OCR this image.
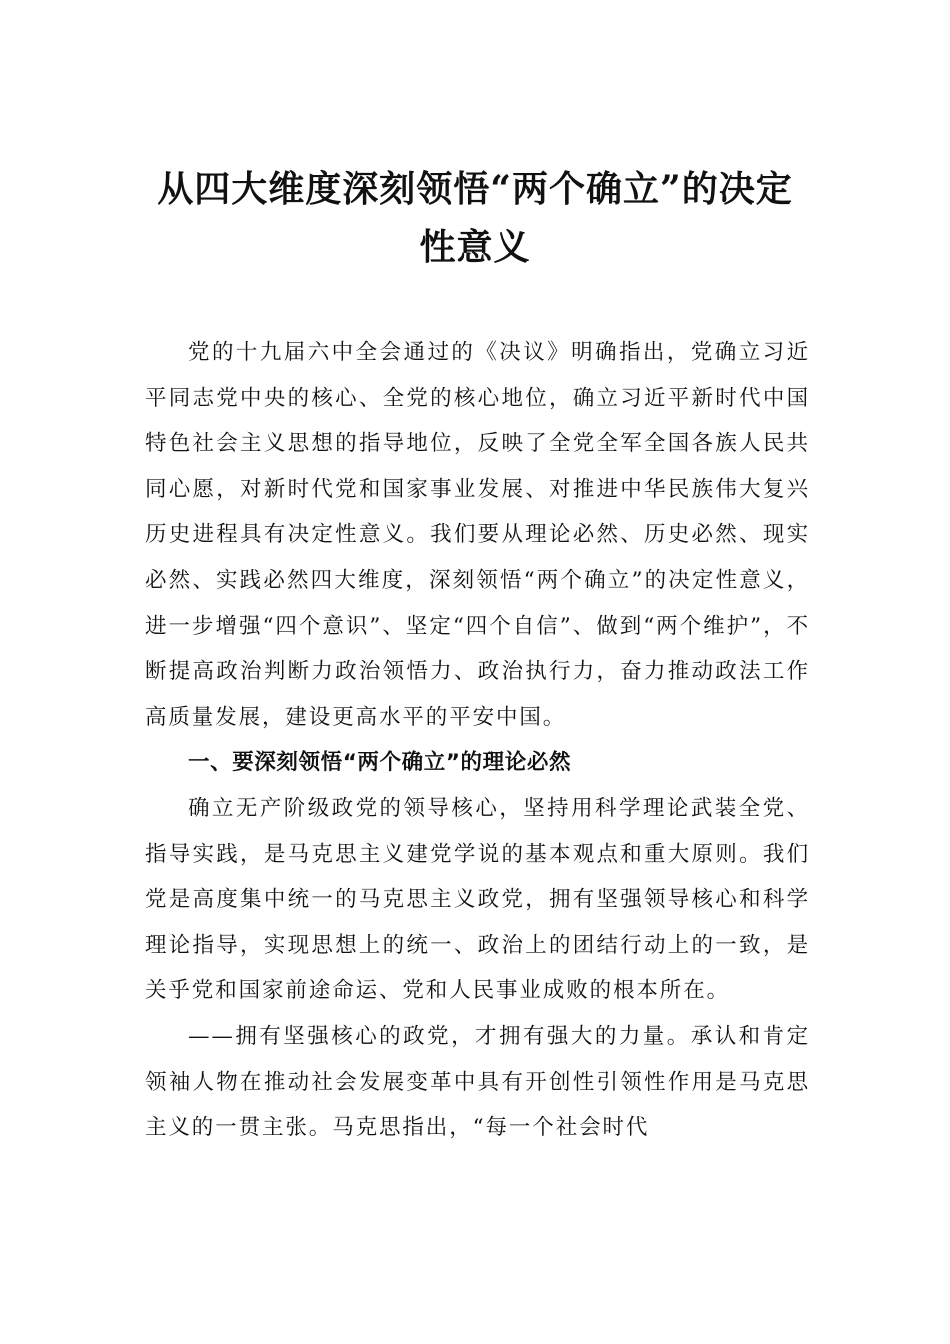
从四大维度深刻领悟“两个确立”的决定性意义

党的十九届六中全会通过的《决议》明确指出，党确立习近平同志党中央的核心、全党的核心地位，确立习近平新时代中国特色社会主义思想的指导地位，反映了全党全军全国各族人民共同心愿，对新时代党和国家事业发展、对推进中华民族伟大复兴历史进程具有决定性意义。我们要从理论必然、历史必然、现实必然、实践必然四大维度，深刻领悟“两个确立”的决定性意义，进一步增强“四个意识”、坚定“四个自信”、做到“两个维护”，不断提高政治判断力政治领悟力、政治执行力，奋力推动政法工作高质量发展，建设更高水平的平安中国。

一、要深刻领悟“两个确立”的理论必然

确立无产阶级政党的领导核心，坚持用科学理论武装全党、指导实践，是马克思主义建党学说的基本观点和重大原则。我们党是高度集中统一的马克思主义政党，拥有坚强领导核心和科学理论指导，实现思想上的统一、政治上的团结行动上的一致，是关乎党和国家前途命运、党和人民事业成败的根本所在。

——拥有坚强核心的政党，才拥有强大的力量。承认和肯定领袖人物在推动社会发展变革中具有开创性引领性作用是马克思主义的一贯主张。马克思指出，“每一个社会时代
